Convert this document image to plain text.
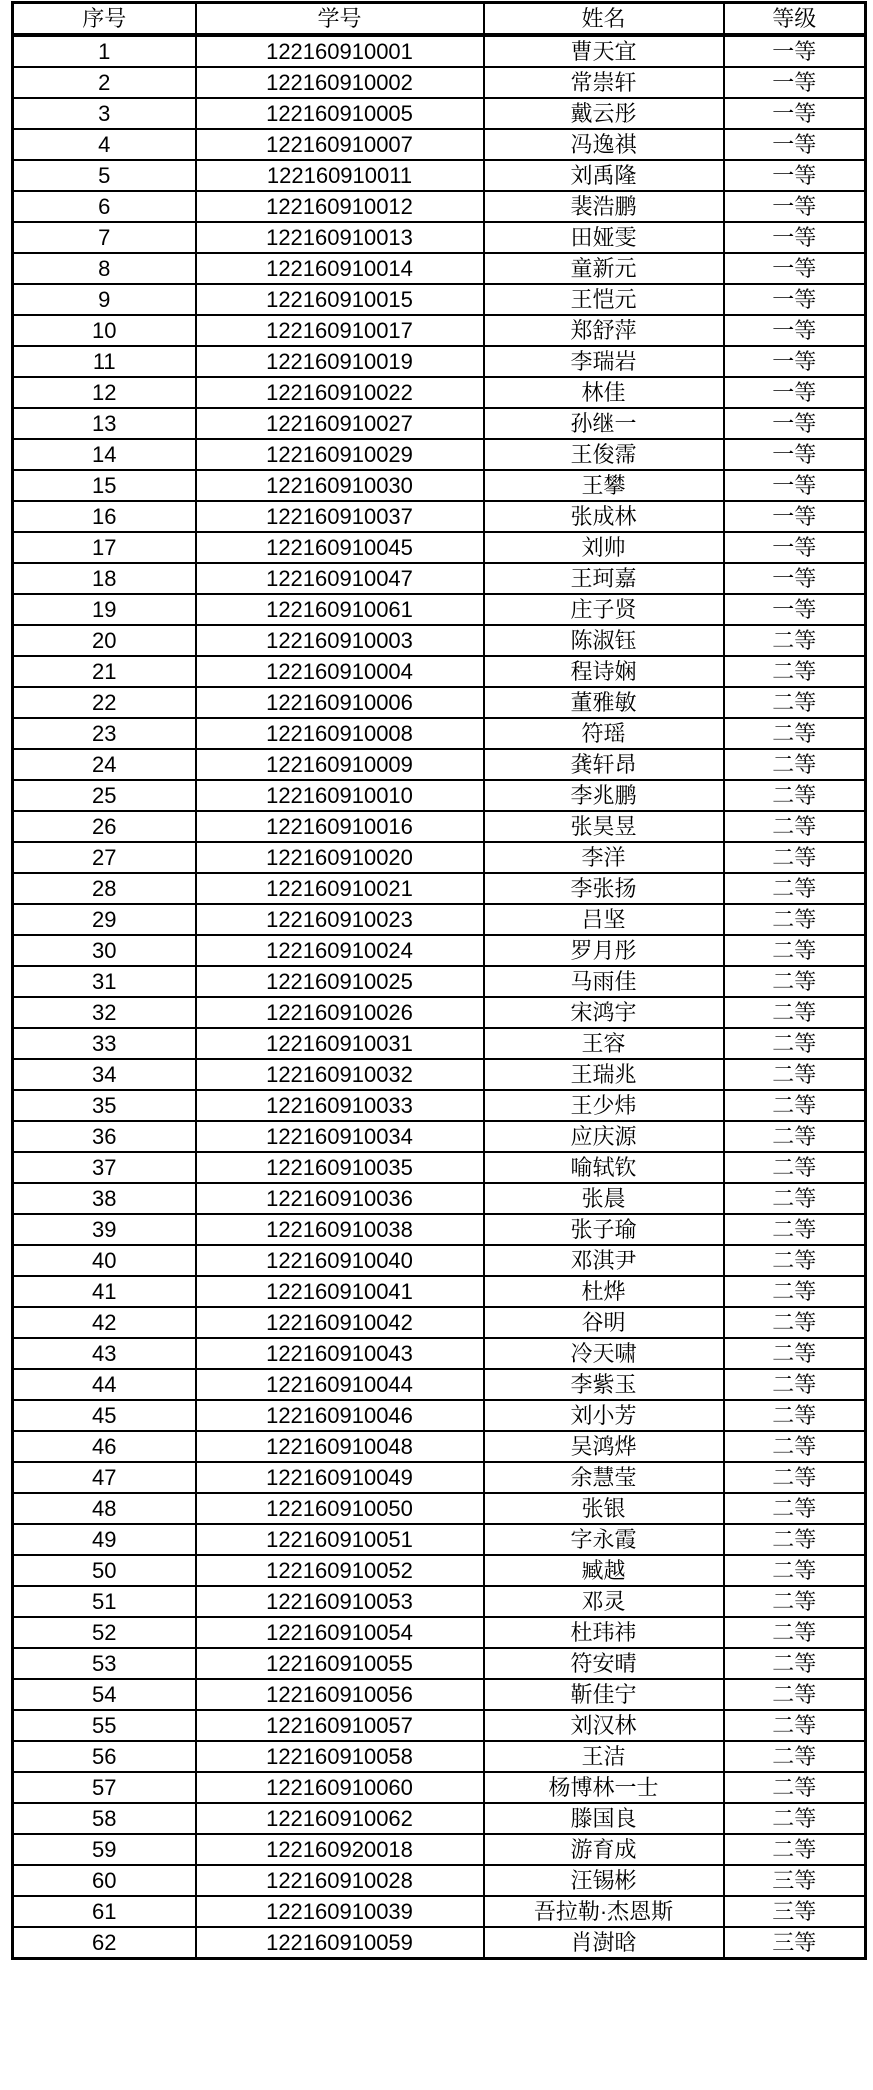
序号	学号	姓名	等级
1	122160910001	曹天宜	一等
2	122160910002	常崇轩	一等
3	122160910005	戴云彤	一等
4	122160910007	冯逸祺	一等
5	122160910011	刘禹隆	一等
6	122160910012	裴浩鹏	一等
7	122160910013	田娅雯	一等
8	122160910014	童新元	一等
9	122160910015	王恺元	一等
10	122160910017	郑舒萍	一等
11	122160910019	李瑞岩	一等
12	122160910022	林佳	一等
13	122160910027	孙继一	一等
14	122160910029	王俊霈	一等
15	122160910030	王攀	一等
16	122160910037	张成林	一等
17	122160910045	刘帅	一等
18	122160910047	王珂嘉	一等
19	122160910061	庄子贤	一等
20	122160910003	陈淑钰	二等
21	122160910004	程诗娴	二等
22	122160910006	董雅敏	二等
23	122160910008	符瑶	二等
24	122160910009	龚轩昂	二等
25	122160910010	李兆鹏	二等
26	122160910016	张昊昱	二等
27	122160910020	李洋	二等
28	122160910021	李张扬	二等
29	122160910023	吕坚	二等
30	122160910024	罗月彤	二等
31	122160910025	马雨佳	二等
32	122160910026	宋鸿宇	二等
33	122160910031	王容	二等
34	122160910032	王瑞兆	二等
35	122160910033	王少炜	二等
36	122160910034	应庆源	二等
37	122160910035	喻轼钦	二等
38	122160910036	张晨	二等
39	122160910038	张子瑜	二等
40	122160910040	邓淇尹	二等
41	122160910041	杜烨	二等
42	122160910042	谷明	二等
43	122160910043	冷天啸	二等
44	122160910044	李紫玉	二等
45	122160910046	刘小芳	二等
46	122160910048	吴鸿烨	二等
47	122160910049	余慧莹	二等
48	122160910050	张银	二等
49	122160910051	字永霞	二等
50	122160910052	臧越	二等
51	122160910053	邓灵	二等
52	122160910054	杜玮祎	二等
53	122160910055	符安晴	二等
54	122160910056	靳佳宁	二等
55	122160910057	刘汉林	二等
56	122160910058	王洁	二等
57	122160910060	杨博林一士	二等
58	122160910062	滕国良	二等
59	122160920018	游育成	二等
60	122160910028	汪锡彬	三等
61	122160910039	吾拉勒·杰恩斯	三等
62	122160910059	肖澍晗	三等
